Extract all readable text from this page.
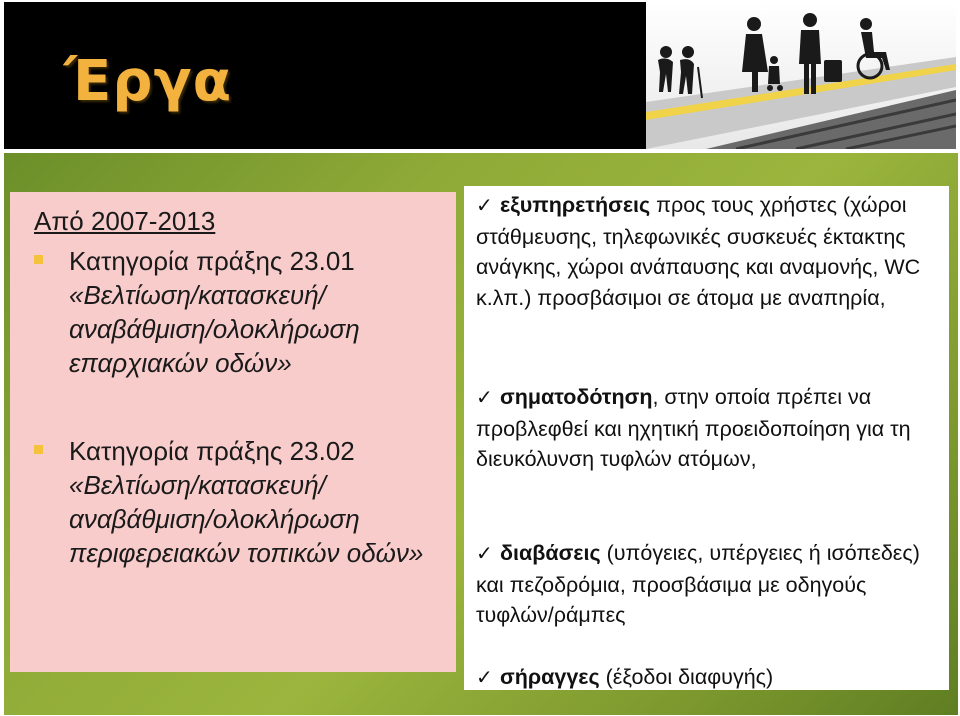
Έργα

Από 2007-2013

Κατηγορία πράξης 23.01
«Βελτίωση/κατασκευή/αναβάθμιση/ολοκλήρωση επαρχιακών οδών»
Κατηγορία πράξης 23.02
«Βελτίωση/κατασκευή/αναβάθμιση/ολοκλήρωση περιφερειακών τοπικών οδών»
✓ εξυπηρετήσεις προς τους χρήστες (χώροι στάθμευσης, τηλεφωνικές συσκευές έκτακτης ανάγκης, χώροι ανάπαυσης και αναμονής, WC κ.λπ.) προσβάσιμοι σε άτομα με αναπηρία,
✓ σηματοδότηση, στην οποία πρέπει να προβλεφθεί και ηχητική προειδοποίηση για τη διευκόλυνση τυφλών ατόμων,
✓ διαβάσεις (υπόγειες, υπέργειες ή ισόπεδες) και πεζοδρόμια, προσβάσιμα με οδηγούς τυφλών/ράμπες
✓ σήραγγες (έξοδοι διαφυγής)
